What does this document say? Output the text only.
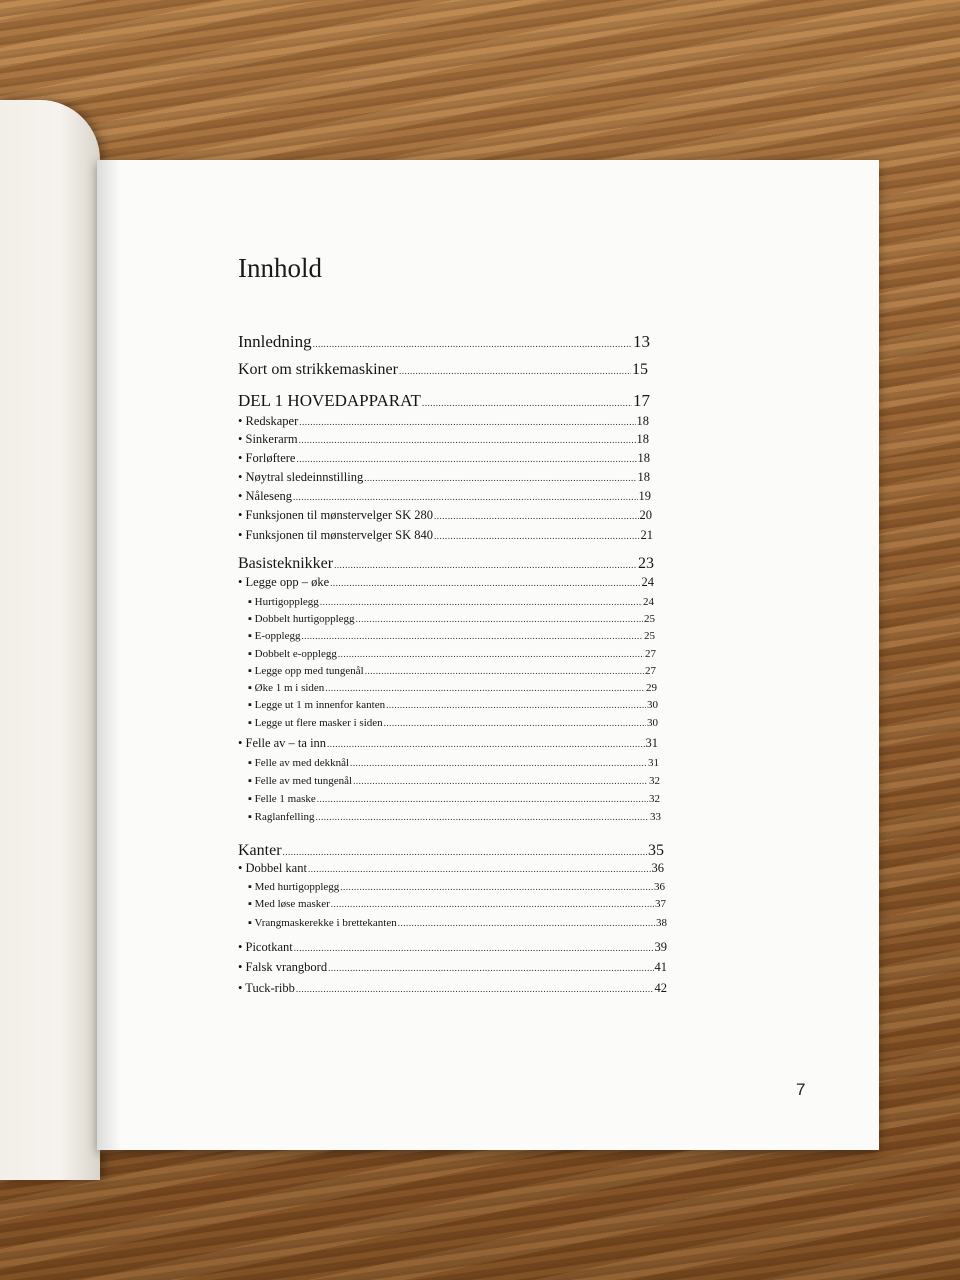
Innhold
Innledning .....	13
Kort om strikkemaskiner .....	15
DEL 1 HOVEDAPPARAT .....	17
• Redskaper .....	18
• Sinkerarm .....	18
• Forløftere .....	18
• Nøytral sledeinnstilling .....	18
• Nåleseng .....	19
• Funksjonen til mønstervelger SK 280 .....	20
• Funksjonen til mønstervelger SK 840 .....	21
Basisteknikker .....	23
• Legge opp – øke .....	24
▪ Hurtigopplegg .....	24
▪ Dobbelt hurtigopplegg .....	25
▪ E-opplegg .....	25
▪ Dobbelt e-opplegg .....	27
▪ Legge opp med tungenål .....	27
▪ Øke 1 m i siden .....	29
▪ Legge ut 1 m innenfor kanten .....	30
▪ Legge ut flere masker i siden .....	30
• Felle av – ta inn .....	31
▪ Felle av med dekknål .....	31
▪ Felle av med tungenål .....	32
▪ Felle 1 maske .....	32
▪ Raglanfelling .....	33
Kanter .....	35
• Dobbel kant .....	36
▪ Med hurtigopplegg .....	36
▪ Med løse masker .....	37
▪ Vrangmaskerekke i brettekanten .....	38
• Picotkant .....	39
• Falsk vrangbord .....	41
• Tuck-ribb .....	42
7
